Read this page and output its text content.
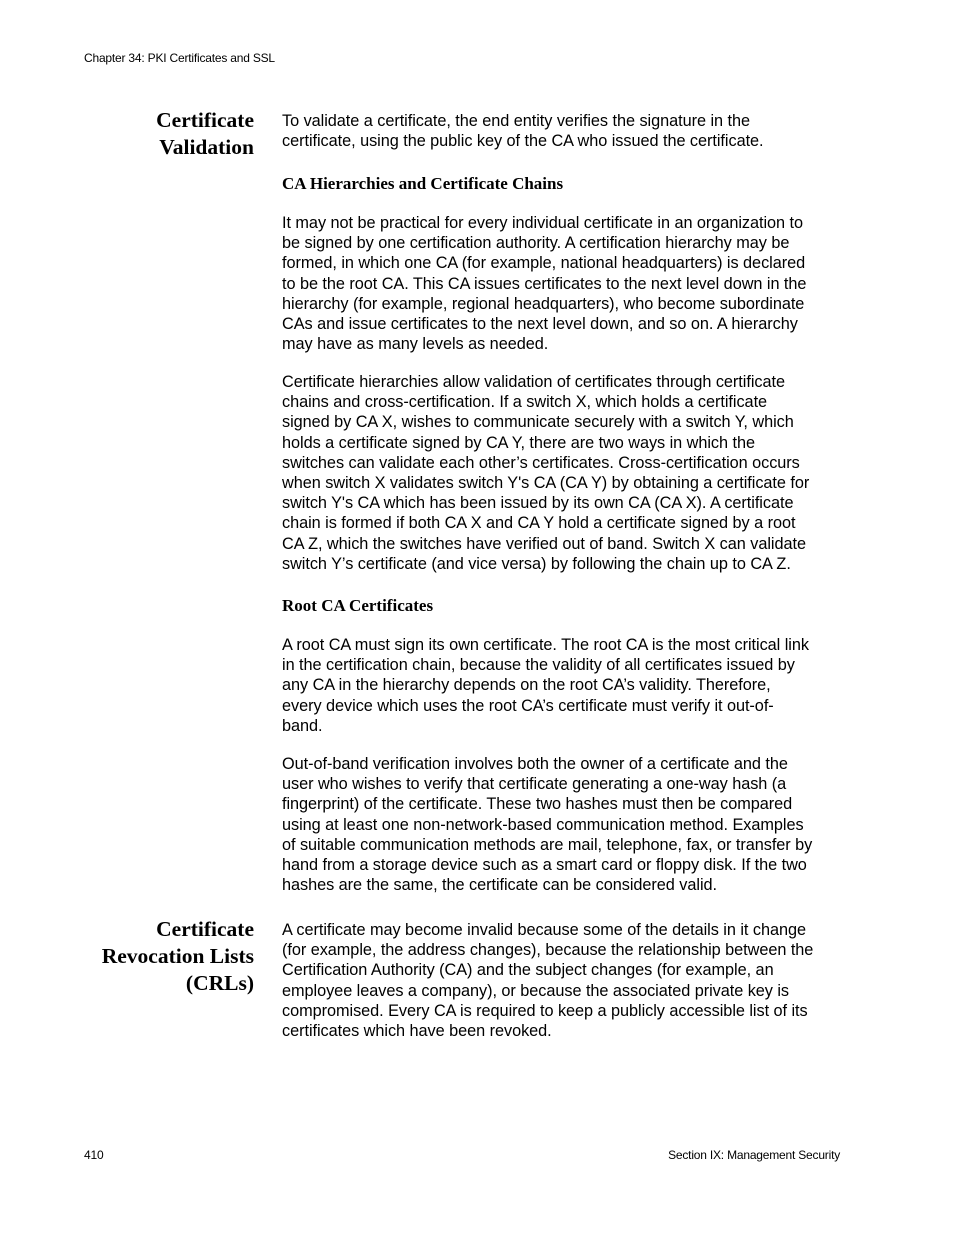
Chapter 34: PKI Certificates and SSL
Certificate
Validation

To validate a certificate, the end entity verifies the signature in the
certificate, using the public key of the CA who issued the certificate.

CA Hierarchies and Certificate Chains

It may not be practical for every individual certificate in an organization to
be signed by one certification authority. A certification hierarchy may be
formed, in which one CA (for example, national headquarters) is declared
to be the root CA. This CA issues certificates to the next level down in the
hierarchy (for example, regional headquarters), who become subordinate
CAs and issue certificates to the next level down, and so on. A hierarchy
may have as many levels as needed.

Certificate hierarchies allow validation of certificates through certificate
chains and cross-certification. If a switch X, which holds a certificate
signed by CA X, wishes to communicate securely with a switch Y, which
holds a certificate signed by CA Y, there are two ways in which the
switches can validate each other’s certificates. Cross-certification occurs
when switch X validates switch Y's CA (CA Y) by obtaining a certificate for
switch Y's CA which has been issued by its own CA (CA X). A certificate
chain is formed if both CA X and CA Y hold a certificate signed by a root
CA Z, which the switches have verified out of band. Switch X can validate
switch Y’s certificate (and vice versa) by following the chain up to CA Z.

Root CA Certificates

A root CA must sign its own certificate. The root CA is the most critical link
in the certification chain, because the validity of all certificates issued by
any CA in the hierarchy depends on the root CA’s validity. Therefore,
every device which uses the root CA’s certificate must verify it out-of-
band.

Out-of-band verification involves both the owner of a certificate and the
user who wishes to verify that certificate generating a one-way hash (a
fingerprint) of the certificate. These two hashes must then be compared
using at least one non-network-based communication method. Examples
of suitable communication methods are mail, telephone, fax, or transfer by
hand from a storage device such as a smart card or floppy disk. If the two
hashes are the same, the certificate can be considered valid.

Certificate
Revocation Lists
(CRLs)

A certificate may become invalid because some of the details in it change
(for example, the address changes), because the relationship between the
Certification Authority (CA) and the subject changes (for example, an
employee leaves a company), or because the associated private key is
compromised. Every CA is required to keep a publicly accessible list of its
certificates which have been revoked.

410	Section IX: Management Security
